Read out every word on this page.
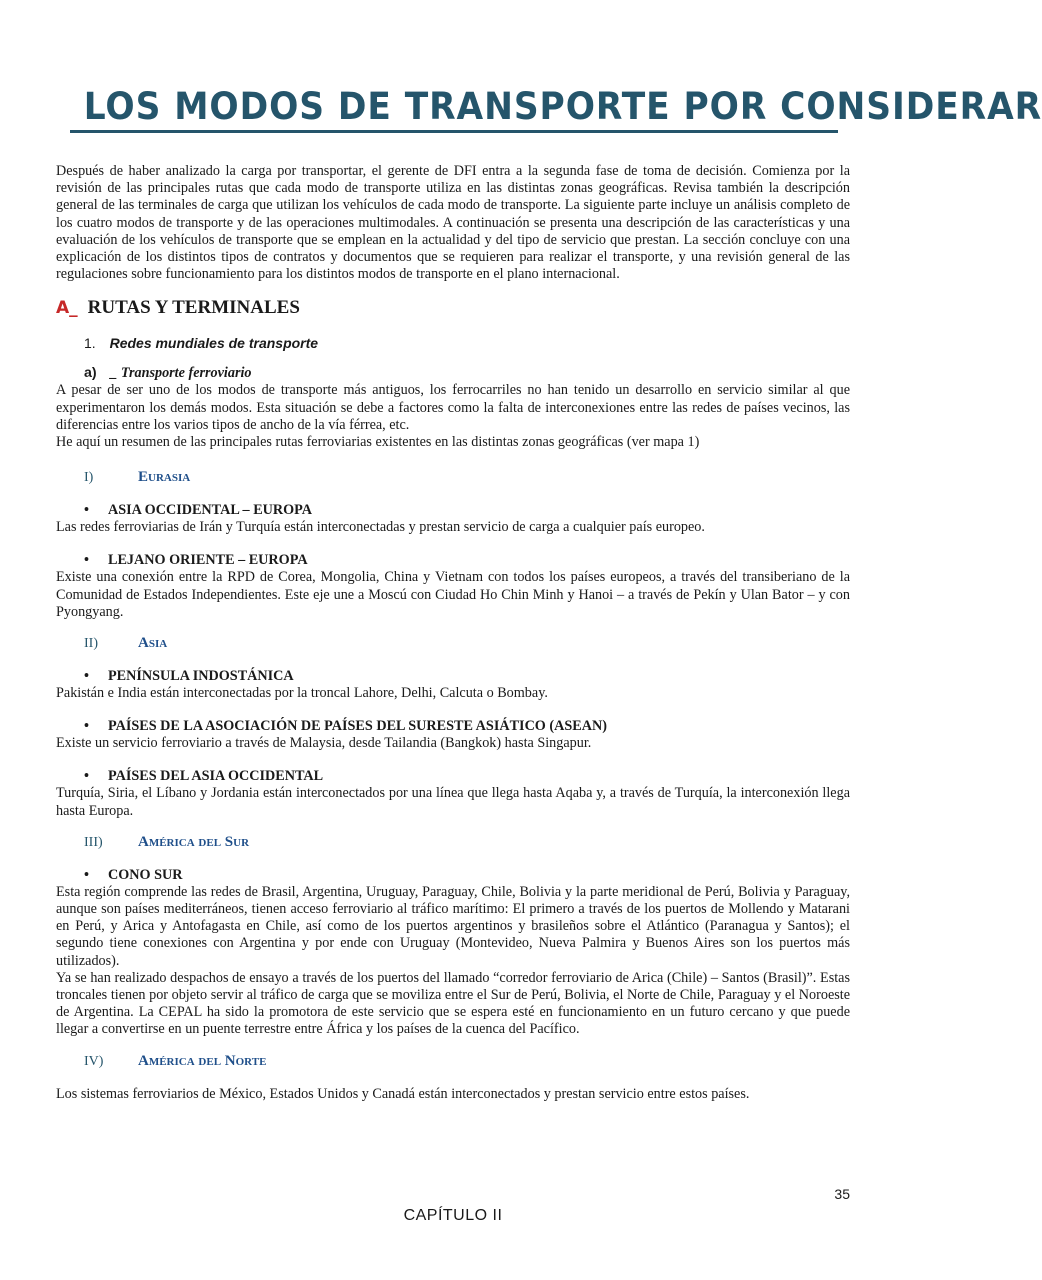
LOS MODOS DE TRANSPORTE POR CONSIDERAR

Después de haber analizado la carga por transportar, el gerente de DFI entra a la segunda fase de toma de decisión. Comienza por la revisión de las principales rutas que cada modo de transporte utiliza en las distintas zonas geográficas. Revisa también la descripción general de las terminales de carga que utilizan los vehículos de cada modo de transporte. La siguiente parte incluye un análisis completo de los cuatro modos de transporte y de las operaciones multimodales. A continuación se presenta una descripción de las características y una evaluación de los vehículos de transporte que se emplean en la actualidad y del tipo de servicio que prestan. La sección concluye con una explicación de los distintos tipos de contratos y documentos que se requieren para realizar el transporte, y una revisión general de las regulaciones sobre funcionamiento para los distintos modos de transporte en el plano internacional.

A_ RUTAS Y TERMINALES
1. Redes mundiales de transporte
a) _ Transporte ferroviario

A pesar de ser uno de los modos de transporte más antiguos, los ferrocarriles no han tenido un desarrollo en servicio similar al que experimentaron los demás modos. Esta situación se debe a factores como la falta de interconexiones entre las redes de países vecinos, las diferencias entre los varios tipos de ancho de la vía férrea, etc.

He aquí un resumen de las principales rutas ferroviarias existentes en las distintas zonas geográficas (ver mapa 1)

I)	Eurasia
•	ASIA OCCIDENTAL – EUROPA

Las redes ferroviarias de Irán y Turquía están interconectadas y prestan servicio de carga a cualquier país europeo.

•	LEJANO ORIENTE – EUROPA

Existe una conexión entre la RPD de Corea, Mongolia, China y Vietnam con todos los países europeos, a través del transiberiano de la Comunidad de Estados Independientes. Este eje une a Moscú con Ciudad Ho Chin Minh y Hanoi – a través de Pekín y Ulan Bator – y con Pyongyang.

II)	Asia
•	PENÍNSULA INDOSTÁNICA

Pakistán e India están interconectadas por la troncal Lahore, Delhi, Calcuta o Bombay.

•	PAÍSES DE LA ASOCIACIÓN DE PAÍSES DEL SURESTE ASIÁTICO (ASEAN)

Existe un servicio ferroviario a través de Malaysia, desde Tailandia (Bangkok) hasta Singapur.

•	PAÍSES DEL ASIA OCCIDENTAL

Turquía, Siria, el Líbano y Jordania están interconectados por una línea que llega hasta Aqaba y, a través de Turquía, la interconexión llega hasta Europa.

III)	América del Sur
•	CONO SUR

Esta región comprende las redes de Brasil, Argentina, Uruguay, Paraguay, Chile, Bolivia y la parte meridional de Perú, Bolivia y Paraguay, aunque son países mediterráneos, tienen acceso ferroviario al tráfico marítimo: El primero a través de los puertos de Mollendo y Matarani en Perú, y Arica y Antofagasta en Chile, así como de los puertos argentinos y brasileños sobre el Atlántico (Paranagua y Santos); el segundo tiene conexiones con Argentina y por ende con Uruguay (Montevideo, Nueva Palmira y Buenos Aires son los puertos más utilizados).

Ya se han realizado despachos de ensayo a través de los puertos del llamado “corredor ferroviario de Arica (Chile) – Santos (Brasil)”. Estas troncales tienen por objeto servir al tráfico de carga que se moviliza entre el Sur de Perú, Bolivia, el Norte de Chile, Paraguay y el Noroeste de Argentina. La CEPAL ha sido la promotora de este servicio que se espera esté en funcionamiento en un futuro cercano y que puede llegar a convertirse en un puente terrestre entre África y los países de la cuenca del Pacífico.

IV)	América del Norte

Los sistemas ferroviarios de México, Estados Unidos y Canadá están interconectados y prestan servicio entre estos países.

35
CAPÍTULO II
